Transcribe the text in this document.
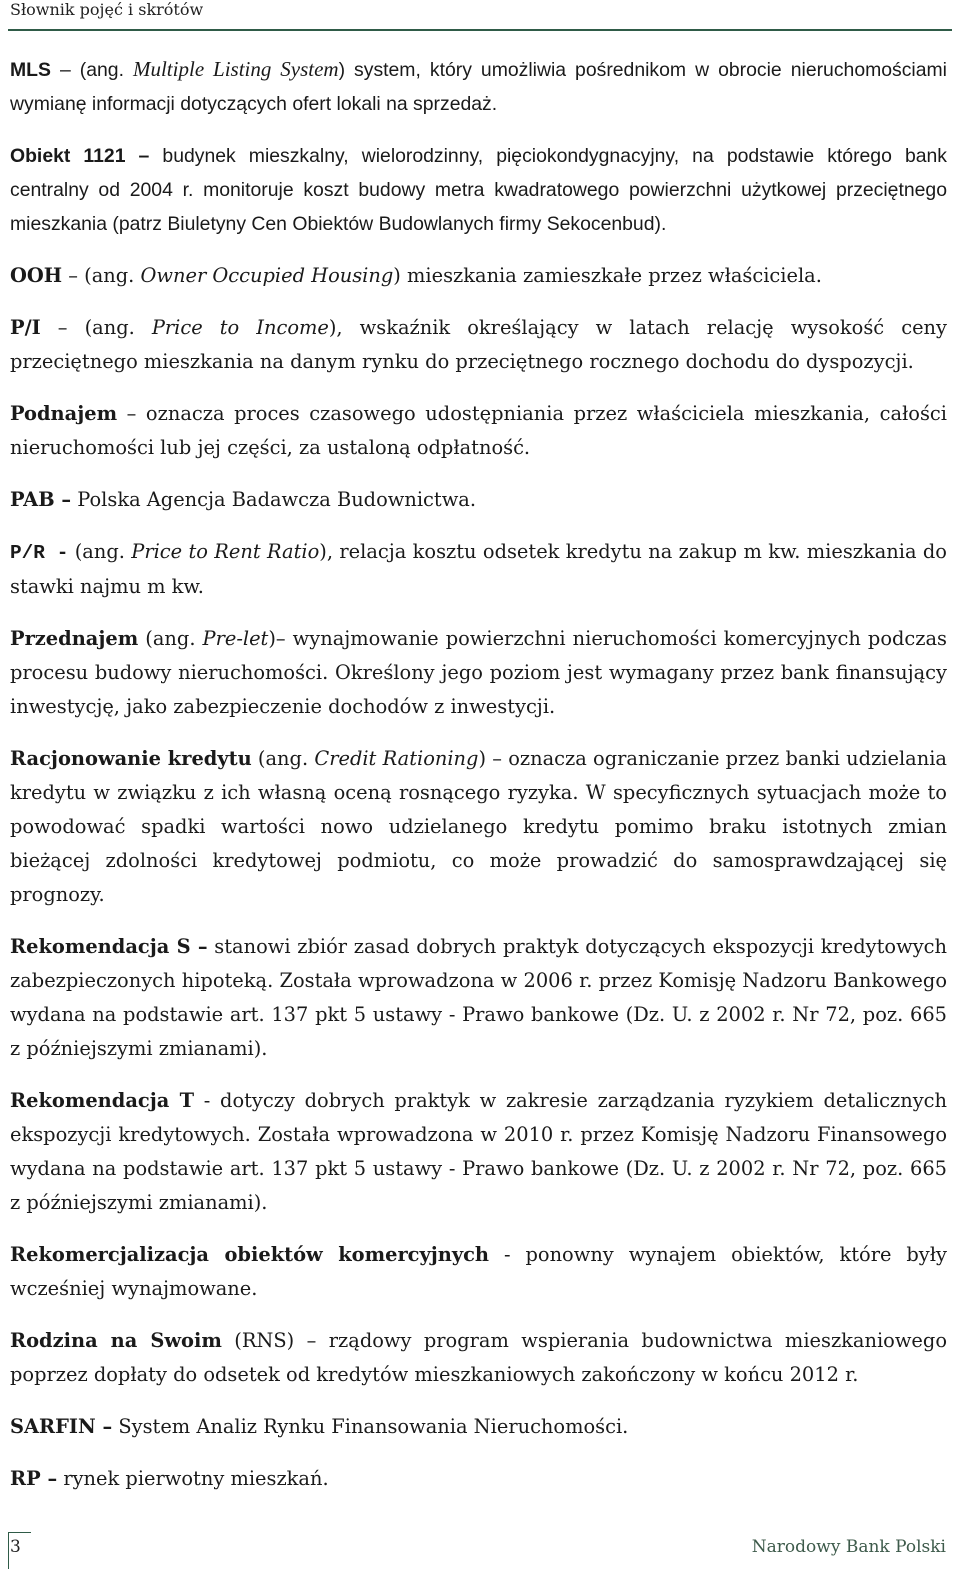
Słownik pojęć i skrótów

MLS – (ang. Multiple Listing System) system, który umożliwia pośrednikom w obrocie nieruchomościami wymianę informacji dotyczących ofert lokali na sprzedaż.

Obiekt 1121 – budynek mieszkalny, wielorodzinny, pięciokondygnacyjny, na podstawie którego bank centralny od 2004 r. monitoruje koszt budowy metra kwadratowego powierzchni użytkowej przeciętnego mieszkania (patrz Biuletyny Cen Obiektów Budowlanych firmy Sekocenbud).

OOH – (ang. Owner Occupied Housing) mieszkania zamieszkałe przez właściciela.

P/I – (ang. Price to Income), wskaźnik określający w latach relację wysokość ceny przeciętnego mieszkania na danym rynku do przeciętnego rocznego dochodu do dyspozycji.

Podnajem – oznacza proces czasowego udostępniania przez właściciela mieszkania, całości nieruchomości lub jej części, za ustaloną odpłatność.

PAB – Polska Agencja Badawcza Budownictwa.

P/R - (ang. Price to Rent Ratio), relacja kosztu odsetek kredytu na zakup m kw. mieszkania do stawki najmu m kw.

Przednajem (ang. Pre-let)– wynajmowanie powierzchni nieruchomości komercyjnych podczas procesu budowy nieruchomości. Określony jego poziom jest wymagany przez bank finansujący inwestycję, jako zabezpieczenie dochodów z inwestycji.

Racjonowanie kredytu (ang. Credit Rationing) – oznacza ograniczanie przez banki udzielania kredytu w związku z ich własną oceną rosnącego ryzyka. W specyficznych sytuacjach może to powodować spadki wartości nowo udzielanego kredytu pomimo braku istotnych zmian bieżącej zdolności kredytowej podmiotu, co może prowadzić do samosprawdzającej się prognozy.

Rekomendacja S – stanowi zbiór zasad dobrych praktyk dotyczących ekspozycji kredytowych zabezpieczonych hipoteką. Została wprowadzona w 2006 r. przez Komisję Nadzoru Bankowego wydana na podstawie art. 137 pkt 5 ustawy - Prawo bankowe (Dz. U. z 2002 r. Nr 72, poz. 665 z późniejszymi zmianami).

Rekomendacja T - dotyczy dobrych praktyk w zakresie zarządzania ryzykiem detalicznych ekspozycji kredytowych. Została wprowadzona w 2010 r. przez Komisję Nadzoru Finansowego wydana na podstawie art. 137 pkt 5 ustawy - Prawo bankowe (Dz. U. z 2002 r. Nr 72, poz. 665 z późniejszymi zmianami).

Rekomercjalizacja obiektów komercyjnych - ponowny wynajem obiektów, które były wcześniej wynajmowane.

Rodzina na Swoim (RNS) – rządowy program wspierania budownictwa mieszkaniowego poprzez dopłaty do odsetek od kredytów mieszkaniowych zakończony w końcu 2012 r.

SARFIN – System Analiz Rynku Finansowania Nieruchomości.

RP – rynek pierwotny mieszkań.

3	Narodowy Bank Polski
